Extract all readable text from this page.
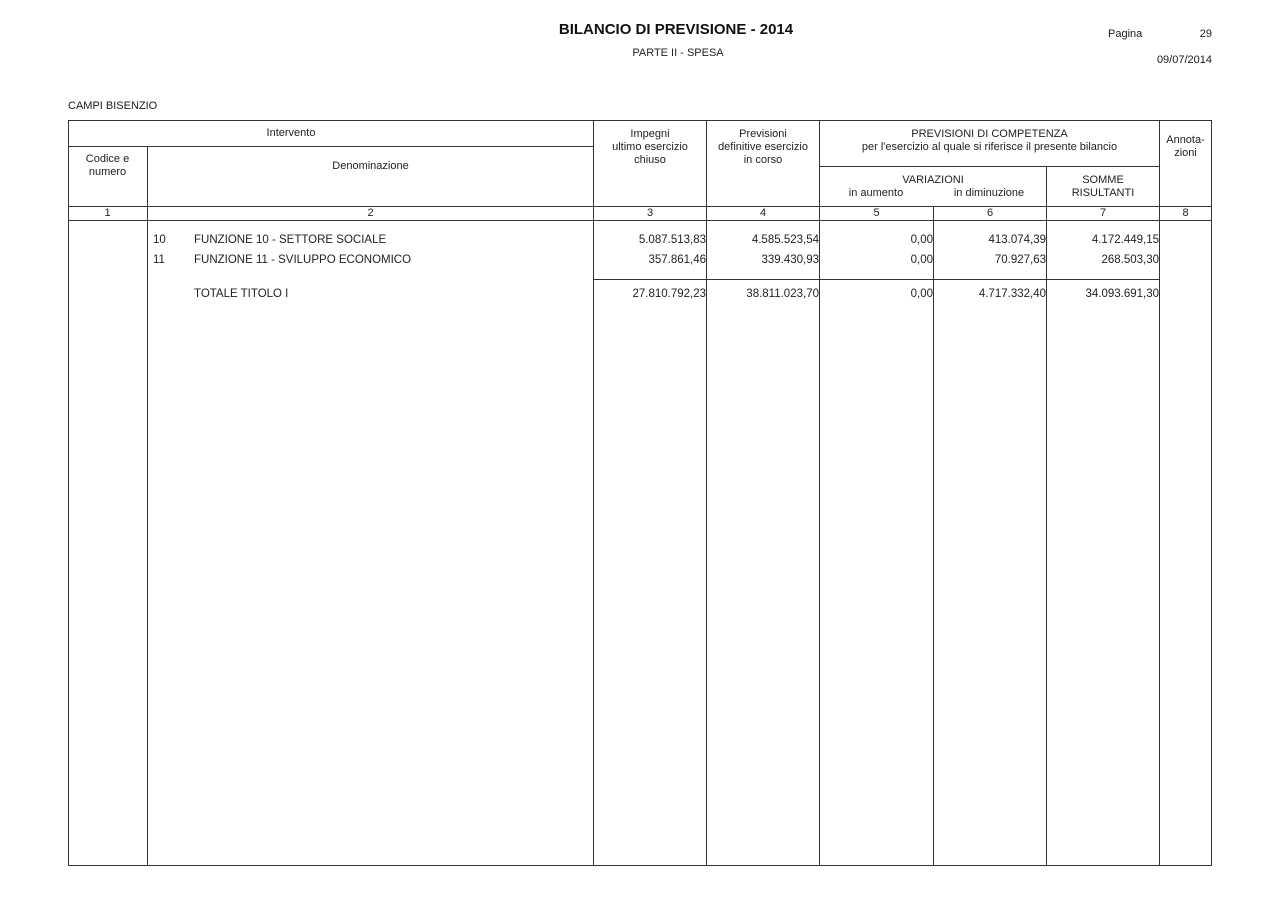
BILANCIO DI PREVISIONE - 2014
PARTE II - SPESA
Pagina	29
09/07/2014
CAMPI BISENZIO
Intervento
Codice e
numero	Denominazione
Impegni
ultimo esercizio
chiuso
Previsioni
definitive esercizio
in corso
PREVISIONI DI COMPETENZA
per l'esercizio al quale si riferisce il presente bilancio
VARIAZIONI
in aumento	in diminuzione
SOMME
RISULTANTI
Annota-
zioni
1	2	3	4	5	6	7	8
10 FUNZIONE 10 - SETTORE SOCIALE	5.087.513,83	4.585.523,54	0,00	413.074,39	4.172.449,15
11	FUNZIONE 11 - SVILUPPO ECONOMICO	357.861,46	339.430,93	0,00	70.927,63	268.503,30
TOTALE TITOLO I	27.810.792,23	38.811.023,70	0,00	4.717.332,40	34.093.691,30
